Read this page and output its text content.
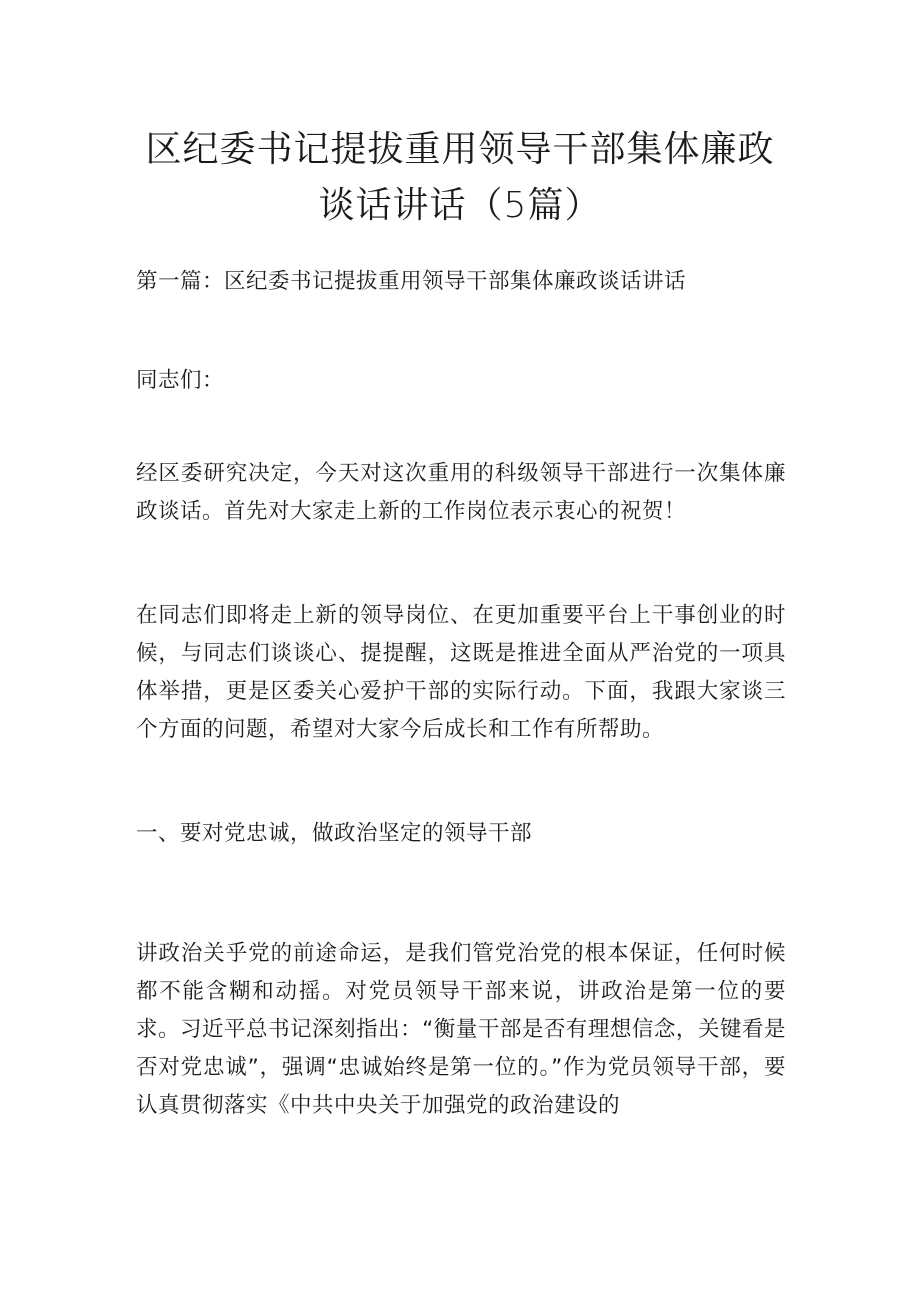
区纪委书记提拔重用领导干部集体廉政谈话讲话（5篇）
第一篇：区纪委书记提拔重用领导干部集体廉政谈话讲话
同志们：
经区委研究决定，今天对这次重用的科级领导干部进行一次集体廉政谈话。首先对大家走上新的工作岗位表示衷心的祝贺！
在同志们即将走上新的领导岗位、在更加重要平台上干事创业的时候，与同志们谈谈心、提提醒，这既是推进全面从严治党的一项具体举措，更是区委关心爱护干部的实际行动。下面，我跟大家谈三个方面的问题，希望对大家今后成长和工作有所帮助。
一、要对党忠诚，做政治坚定的领导干部
讲政治关乎党的前途命运，是我们管党治党的根本保证，任何时候都不能含糊和动摇。对党员领导干部来说，讲政治是第一位的要求。习近平总书记深刻指出：“衡量干部是否有理想信念，关键看是否对党忠诚”，强调“忠诚始终是第一位的。”作为党员领导干部，要认真贯彻落实《中共中央关于加强党的政治建设的
